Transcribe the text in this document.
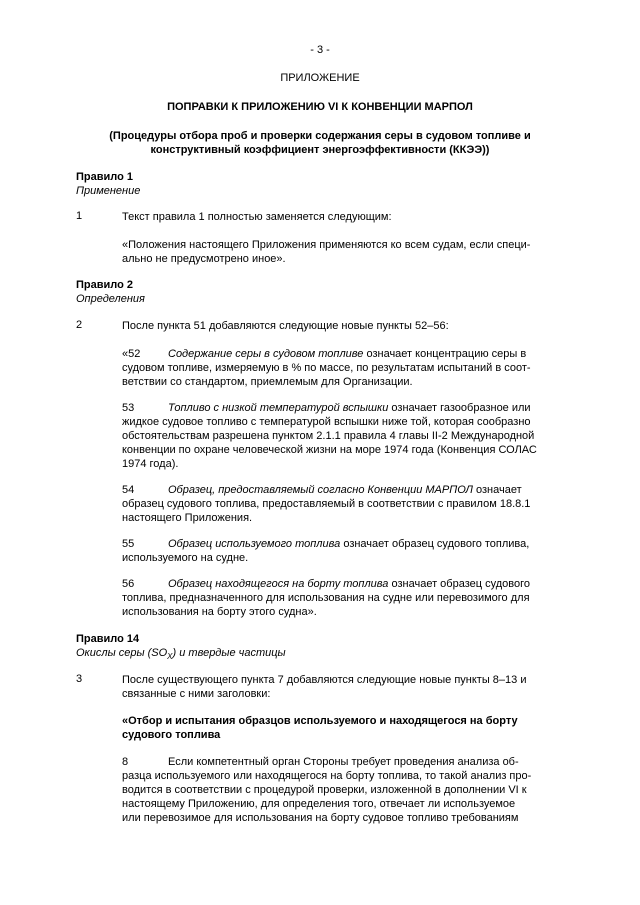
- 3 -
ПРИЛОЖЕНИЕ
ПОПРАВКИ К ПРИЛОЖЕНИЮ VI К КОНВЕНЦИИ МАРПОЛ
(Процедуры отбора проб и проверки содержания серы в судовом топливе и
конструктивный коэффициент энергоэффективности (ККЭЭ))
Правило 1
Применение
1	Текст правила 1 полностью заменяется следующим:
«Положения настоящего Приложения применяются ко всем судам, если специ-
ально не предусмотрено иное».
Правило 2
Определения
2	После пункта 51 добавляются следующие новые пункты 52–56:
«52	Содержание серы в судовом топливе означает концентрацию серы в
судовом топливе, измеряемую в % по массе, по результатам испытаний в соот-
ветствии со стандартом, приемлемым для Организации.
53	Топливо с низкой температурой вспышки означает газообразное или
жидкое судовое топливо с температурой вспышки ниже той, которая сообразно
обстоятельствам разрешена пунктом 2.1.1 правила 4 главы II-2 Международной
конвенции по охране человеческой жизни на море 1974 года (Конвенция СОЛАС
1974 года).
54	Образец, предоставляемый согласно Конвенции МАРПОЛ означает
образец судового топлива, предоставляемый в соответствии с правилом 18.8.1
настоящего Приложения.
55	Образец используемого топлива означает образец судового топлива,
используемого на судне.
56	Образец находящегося на борту топлива означает образец судового
топлива, предназначенного для использования на судне или перевозимого для
использования на борту этого судна».
Правило 14
Окислы серы $(SO_X)$ и твердые частицы
3	После существующего пункта 7 добавляются следующие новые пункты 8–13 и
связанные с ними заголовки:
«Отбор и испытания образцов используемого и находящегося на борту
судового топлива
8	Если компетентный орган Стороны требует проведения анализа об-
разца используемого или находящегося на борту топлива, то такой анализ про-
водится в соответствии с процедурой проверки, изложенной в дополнении VI к
настоящему Приложению, для определения того, отвечает ли используемое
или перевозимое для использования на борту судовое топливо требованиям
